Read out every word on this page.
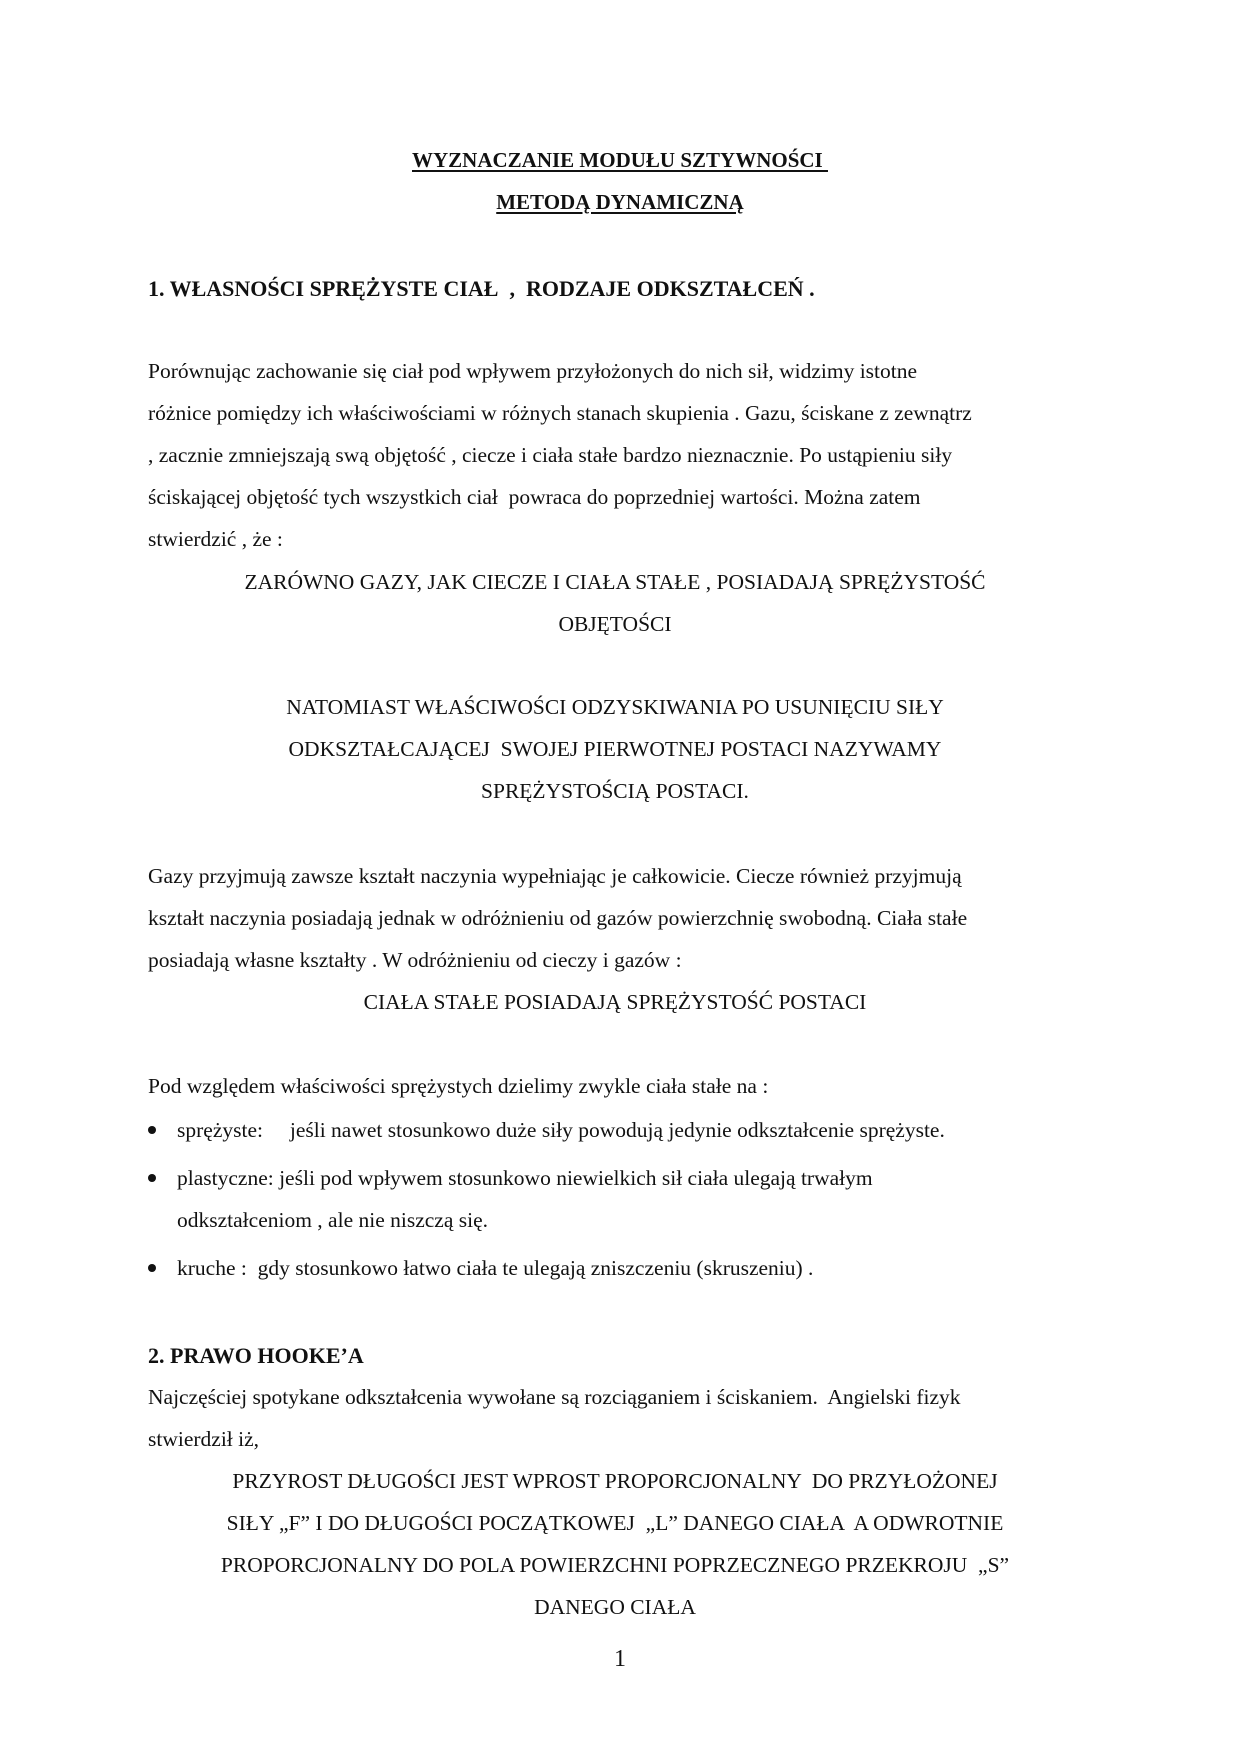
WYZNACZANIE MODUŁU SZTYWNOŚCI

METODĄ DYNAMICZNĄ

1. WŁASNOŚCI SPRĘŻYSTE CIAŁ  ,  RODZAJE ODKSZTAŁCEŃ .

Porównując zachowanie się ciał pod wpływem przyłożonych do nich sił, widzimy istotne
różnice pomiędzy ich właściwościami w różnych stanach skupienia . Gazu, ściskane z zewnątrz
, zacznie zmniejszają swą objętość , ciecze i ciała stałe bardzo nieznacznie. Po ustąpieniu siły
ściskającej objętość tych wszystkich ciał  powraca do poprzedniej wartości. Można zatem
stwierdzić , że :
ZARÓWNO GAZY, JAK CIECZE I CIAŁA STAŁE , POSIADAJĄ SPRĘŻYSTOŚĆ
OBJĘTOŚCI
NATOMIAST WŁAŚCIWOŚCI ODZYSKIWANIA PO USUNIĘCIU SIŁY
ODKSZTAŁCAJĄCEJ  SWOJEJ PIERWOTNEJ POSTACI NAZYWAMY
SPRĘŻYSTOŚCIĄ POSTACI.
Gazy przyjmują zawsze kształt naczynia wypełniając je całkowicie. Ciecze również przyjmują
kształt naczynia posiadają jednak w odróżnieniu od gazów powierzchnię swobodną. Ciała stałe
posiadają własne kształty . W odróżnieniu od cieczy i gazów :
CIAŁA STAŁE POSIADAJĄ SPRĘŻYSTOŚĆ POSTACI
Pod względem właściwości sprężystych dzielimy zwykle ciała stałe na :
sprężyste:     jeśli nawet stosunkowo duże siły powodują jedynie odkształcenie sprężyste.
plastyczne: jeśli pod wpływem stosunkowo niewielkich sił ciała ulegają trwałym
odkształceniom , ale nie niszczą się.
kruche :  gdy stosunkowo łatwo ciała te ulegają zniszczeniu (skruszeniu) .

2. PRAWO HOOKE’A

Najczęściej spotykane odkształcenia wywołane są rozciąganiem i ściskaniem.  Angielski fizyk
stwierdził iż,
PRZYROST DŁUGOŚCI JEST WPROST PROPORCJONALNY  DO PRZYŁOŻONEJ
SIŁY „F” I DO DŁUGOŚCI POCZĄTKOWEJ  „L” DANEGO CIAŁA  A ODWROTNIE
PROPORCJONALNY DO POLA POWIERZCHNI POPRZECZNEGO PRZEKROJU  „S”
DANEGO CIAŁA

1
